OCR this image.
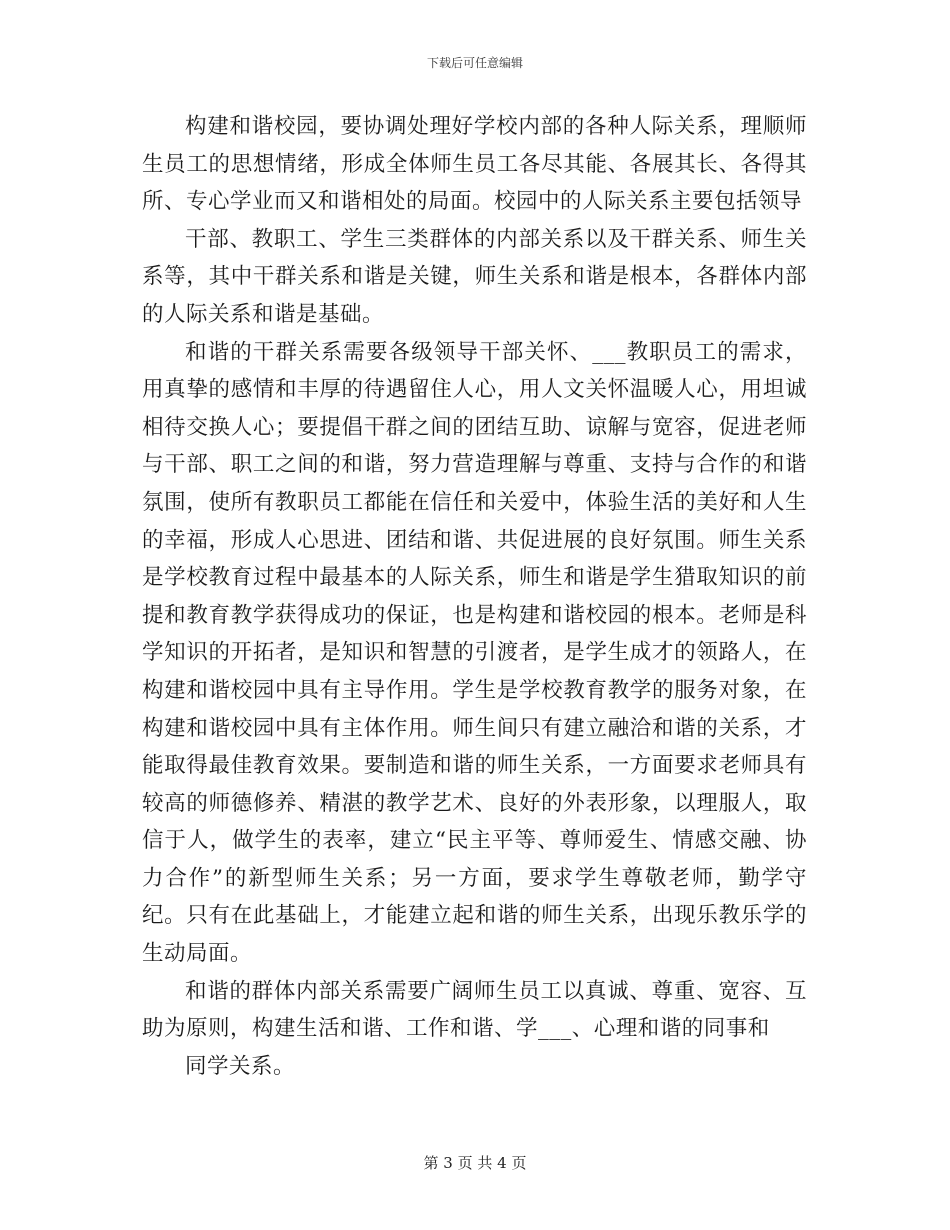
下载后可任意编辑

构建和谐校园，要协调处理好学校内部的各种人际关系，理顺师生员工的思想情绪，形成全体师生员工各尽其能、各展其长、各得其所、专心学业而又和谐相处的局面。校园中的人际关系主要包括领导

干部、教职工、学生三类群体的内部关系以及干群关系、师生关系等，其中干群关系和谐是关键，师生关系和谐是根本，各群体内部的人际关系和谐是基础。

和谐的干群关系需要各级领导干部关怀、___教职员工的需求，用真挚的感情和丰厚的待遇留住人心，用人文关怀温暖人心，用坦诚相待交换人心；要提倡干群之间的团结互助、谅解与宽容，促进老师与干部、职工之间的和谐，努力营造理解与尊重、支持与合作的和谐氛围，使所有教职员工都能在信任和关爱中，体验生活的美好和人生的幸福，形成人心思进、团结和谐、共促进展的良好氛围。师生关系是学校教育过程中最基本的人际关系，师生和谐是学生猎取知识的前提和教育教学获得成功的保证，也是构建和谐校园的根本。老师是科学知识的开拓者，是知识和智慧的引渡者，是学生成才的领路人，在构建和谐校园中具有主导作用。学生是学校教育教学的服务对象，在构建和谐校园中具有主体作用。师生间只有建立融洽和谐的关系，才能取得最佳教育效果。要制造和谐的师生关系，一方面要求老师具有较高的师德修养、精湛的教学艺术、良好的外表形象，以理服人，取信于人，做学生的表率，建立“民主平等、尊师爱生、情感交融、协力合作”的新型师生关系；另一方面，要求学生尊敬老师，勤学守纪。只有在此基础上，才能建立起和谐的师生关系，出现乐教乐学的生动局面。

和谐的群体内部关系需要广阔师生员工以真诚、尊重、宽容、互助为原则，构建生活和谐、工作和谐、学___、心理和谐的同事和

同学关系。

第 3 页 共 4 页
